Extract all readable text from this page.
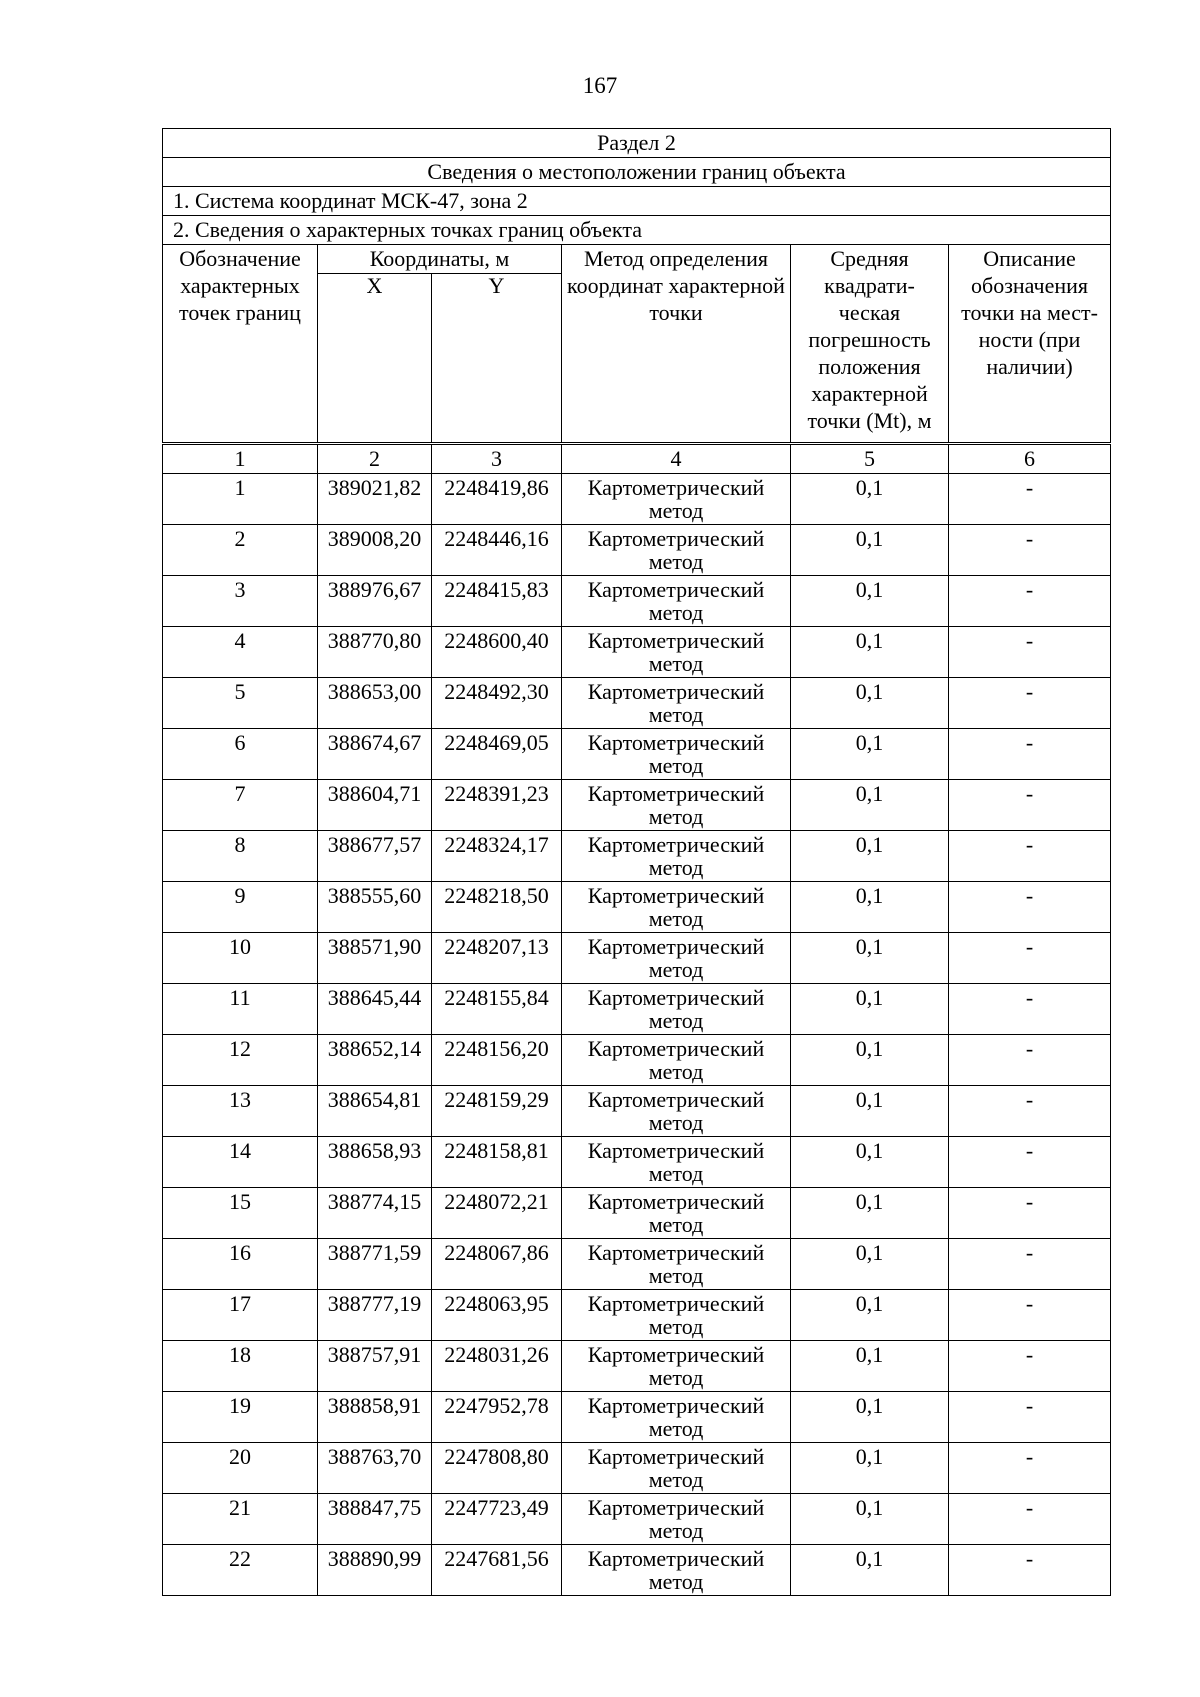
167
Раздел 2					
Сведения о местоположении границ объекта					
1. Система координат МСК-47, зона 2					
2. Сведения о характерных точках границ объекта					
Обозначение характерных точек границ	Координаты, м		Метод определения координат характерной точки	Средняя квадрати-ческая погрешность положения характерной точки (Mt), м	Описание обозначения точки на мест-ности (при наличии)
	X	Y			
1	2	3	4	5	6
1	389021,82	2248419,86	Картометрический метод	0,1	-
2	389008,20	2248446,16	Картометрический метод	0,1	-
3	388976,67	2248415,83	Картометрический метод	0,1	-
4	388770,80	2248600,40	Картометрический метод	0,1	-
5	388653,00	2248492,30	Картометрический метод	0,1	-
6	388674,67	2248469,05	Картометрический метод	0,1	-
7	388604,71	2248391,23	Картометрический метод	0,1	-
8	388677,57	2248324,17	Картометрический метод	0,1	-
9	388555,60	2248218,50	Картометрический метод	0,1	-
10	388571,90	2248207,13	Картометрический метод	0,1	-
11	388645,44	2248155,84	Картометрический метод	0,1	-
12	388652,14	2248156,20	Картометрический метод	0,1	-
13	388654,81	2248159,29	Картометрический метод	0,1	-
14	388658,93	2248158,81	Картометрический метод	0,1	-
15	388774,15	2248072,21	Картометрический метод	0,1	-
16	388771,59	2248067,86	Картометрический метод	0,1	-
17	388777,19	2248063,95	Картометрический метод	0,1	-
18	388757,91	2248031,26	Картометрический метод	0,1	-
19	388858,91	2247952,78	Картометрический метод	0,1	-
20	388763,70	2247808,80	Картометрический метод	0,1	-
21	388847,75	2247723,49	Картометрический метод	0,1	-
22	388890,99	2247681,56	Картометрический метод	0,1	-
